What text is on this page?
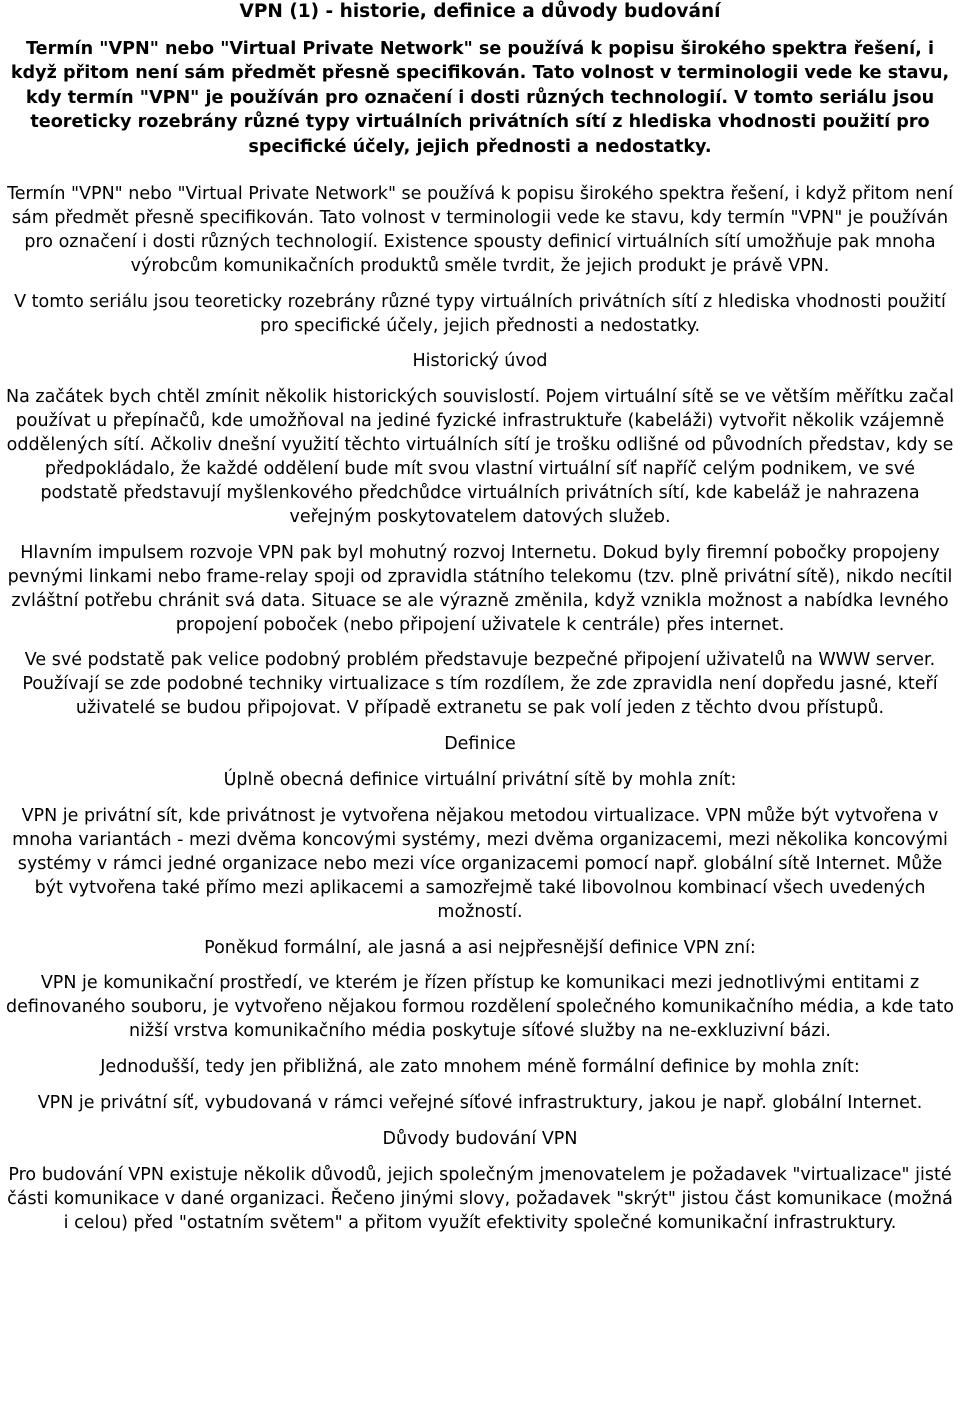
VPN (1) - historie, definice a důvody budování
Termín "VPN" nebo "Virtual Private Network" se používá k popisu širokého spektra řešení, i když přitom není sám předmět přesně specifikován. Tato volnost v terminologii vede ke stavu, kdy termín "VPN" je používán pro označení i dosti různých technologií. V tomto seriálu jsou teoreticky rozebrány různé typy virtuálních privátních sítí z hlediska vhodnosti použití pro specifické účely, jejich přednosti a nedostatky.

Termín "VPN" nebo "Virtual Private Network" se používá k popisu širokého spektra řešení, i když přitom není sám předmět přesně specifikován. Tato volnost v terminologii vede ke stavu, kdy termín "VPN" je používán pro označení i dosti různých technologií. Existence spousty definicí virtuálních sítí umožňuje pak mnoha výrobcům komunikačních produktů směle tvrdit, že jejich produkt je právě VPN.

V tomto seriálu jsou teoreticky rozebrány různé typy virtuálních privátních sítí z hlediska vhodnosti použití pro specifické účely, jejich přednosti a nedostatky.

Historický úvod

Na začátek bych chtěl zmínit několik historických souvislostí. Pojem virtuální sítě se ve větším měřítku začal používat u přepínačů, kde umožňoval na jediné fyzické infrastruktuře (kabeláži) vytvořit několik vzájemně oddělených sítí. Ačkoliv dnešní využití těchto virtuálních sítí je trošku odlišné od původních představ, kdy se předpokládalo, že každé oddělení bude mít svou vlastní virtuální síť napříč celým podnikem, ve své podstatě představují myšlenkového předchůdce virtuálních privátních sítí, kde kabeláž je nahrazena veřejným poskytovatelem datových služeb.

Hlavním impulsem rozvoje VPN pak byl mohutný rozvoj Internetu. Dokud byly firemní pobočky propojeny pevnými linkami nebo frame-relay spoji od zpravidla státního telekomu (tzv. plně privátní sítě), nikdo necítil zvláštní potřebu chránit svá data. Situace se ale výrazně změnila, když vznikla možnost a nabídka levného propojení poboček (nebo připojení uživatele k centrále) přes internet.

Ve své podstatě pak velice podobný problém představuje bezpečné připojení uživatelů na WWW server. Používají se zde podobné techniky virtualizace s tím rozdílem, že zde zpravidla není dopředu jasné, kteří uživatelé se budou připojovat. V případě extranetu se pak volí jeden z těchto dvou přístupů.

Definice

Úplně obecná definice virtuální privátní sítě by mohla znít:

VPN je privátní sít, kde privátnost je vytvořena nějakou metodou virtualizace. VPN může být vytvořena v mnoha variantách - mezi dvěma koncovými systémy, mezi dvěma organizacemi, mezi několika koncovými systémy v rámci jedné organizace nebo mezi více organizacemi pomocí např. globální sítě Internet. Může být vytvořena také přímo mezi aplikacemi a samozřejmě také libovolnou kombinací všech uvedených možností.

Poněkud formální, ale jasná a asi nejpřesnější definice VPN zní:

VPN je komunikační prostředí, ve kterém je řízen přístup ke komunikaci mezi jednotlivými entitami z definovaného souboru, je vytvořeno nějakou formou rozdělení společného komunikačního média, a kde tato nižší vrstva komunikačního média poskytuje síťové služby na ne-exkluzivní bázi.

Jednodušší, tedy jen přibližná, ale zato mnohem méně formální definice by mohla znít:

VPN je privátní síť, vybudovaná v rámci veřejné síťové infrastruktury, jakou je např. globální Internet.

Důvody budování VPN

Pro budování VPN existuje několik důvodů, jejich společným jmenovatelem je požadavek "virtualizace" jisté části komunikace v dané organizaci. Řečeno jinými slovy, požadavek "skrýt" jistou část komunikace (možná i celou) před "ostatním světem" a přitom využít efektivity společné komunikační infrastruktury.
